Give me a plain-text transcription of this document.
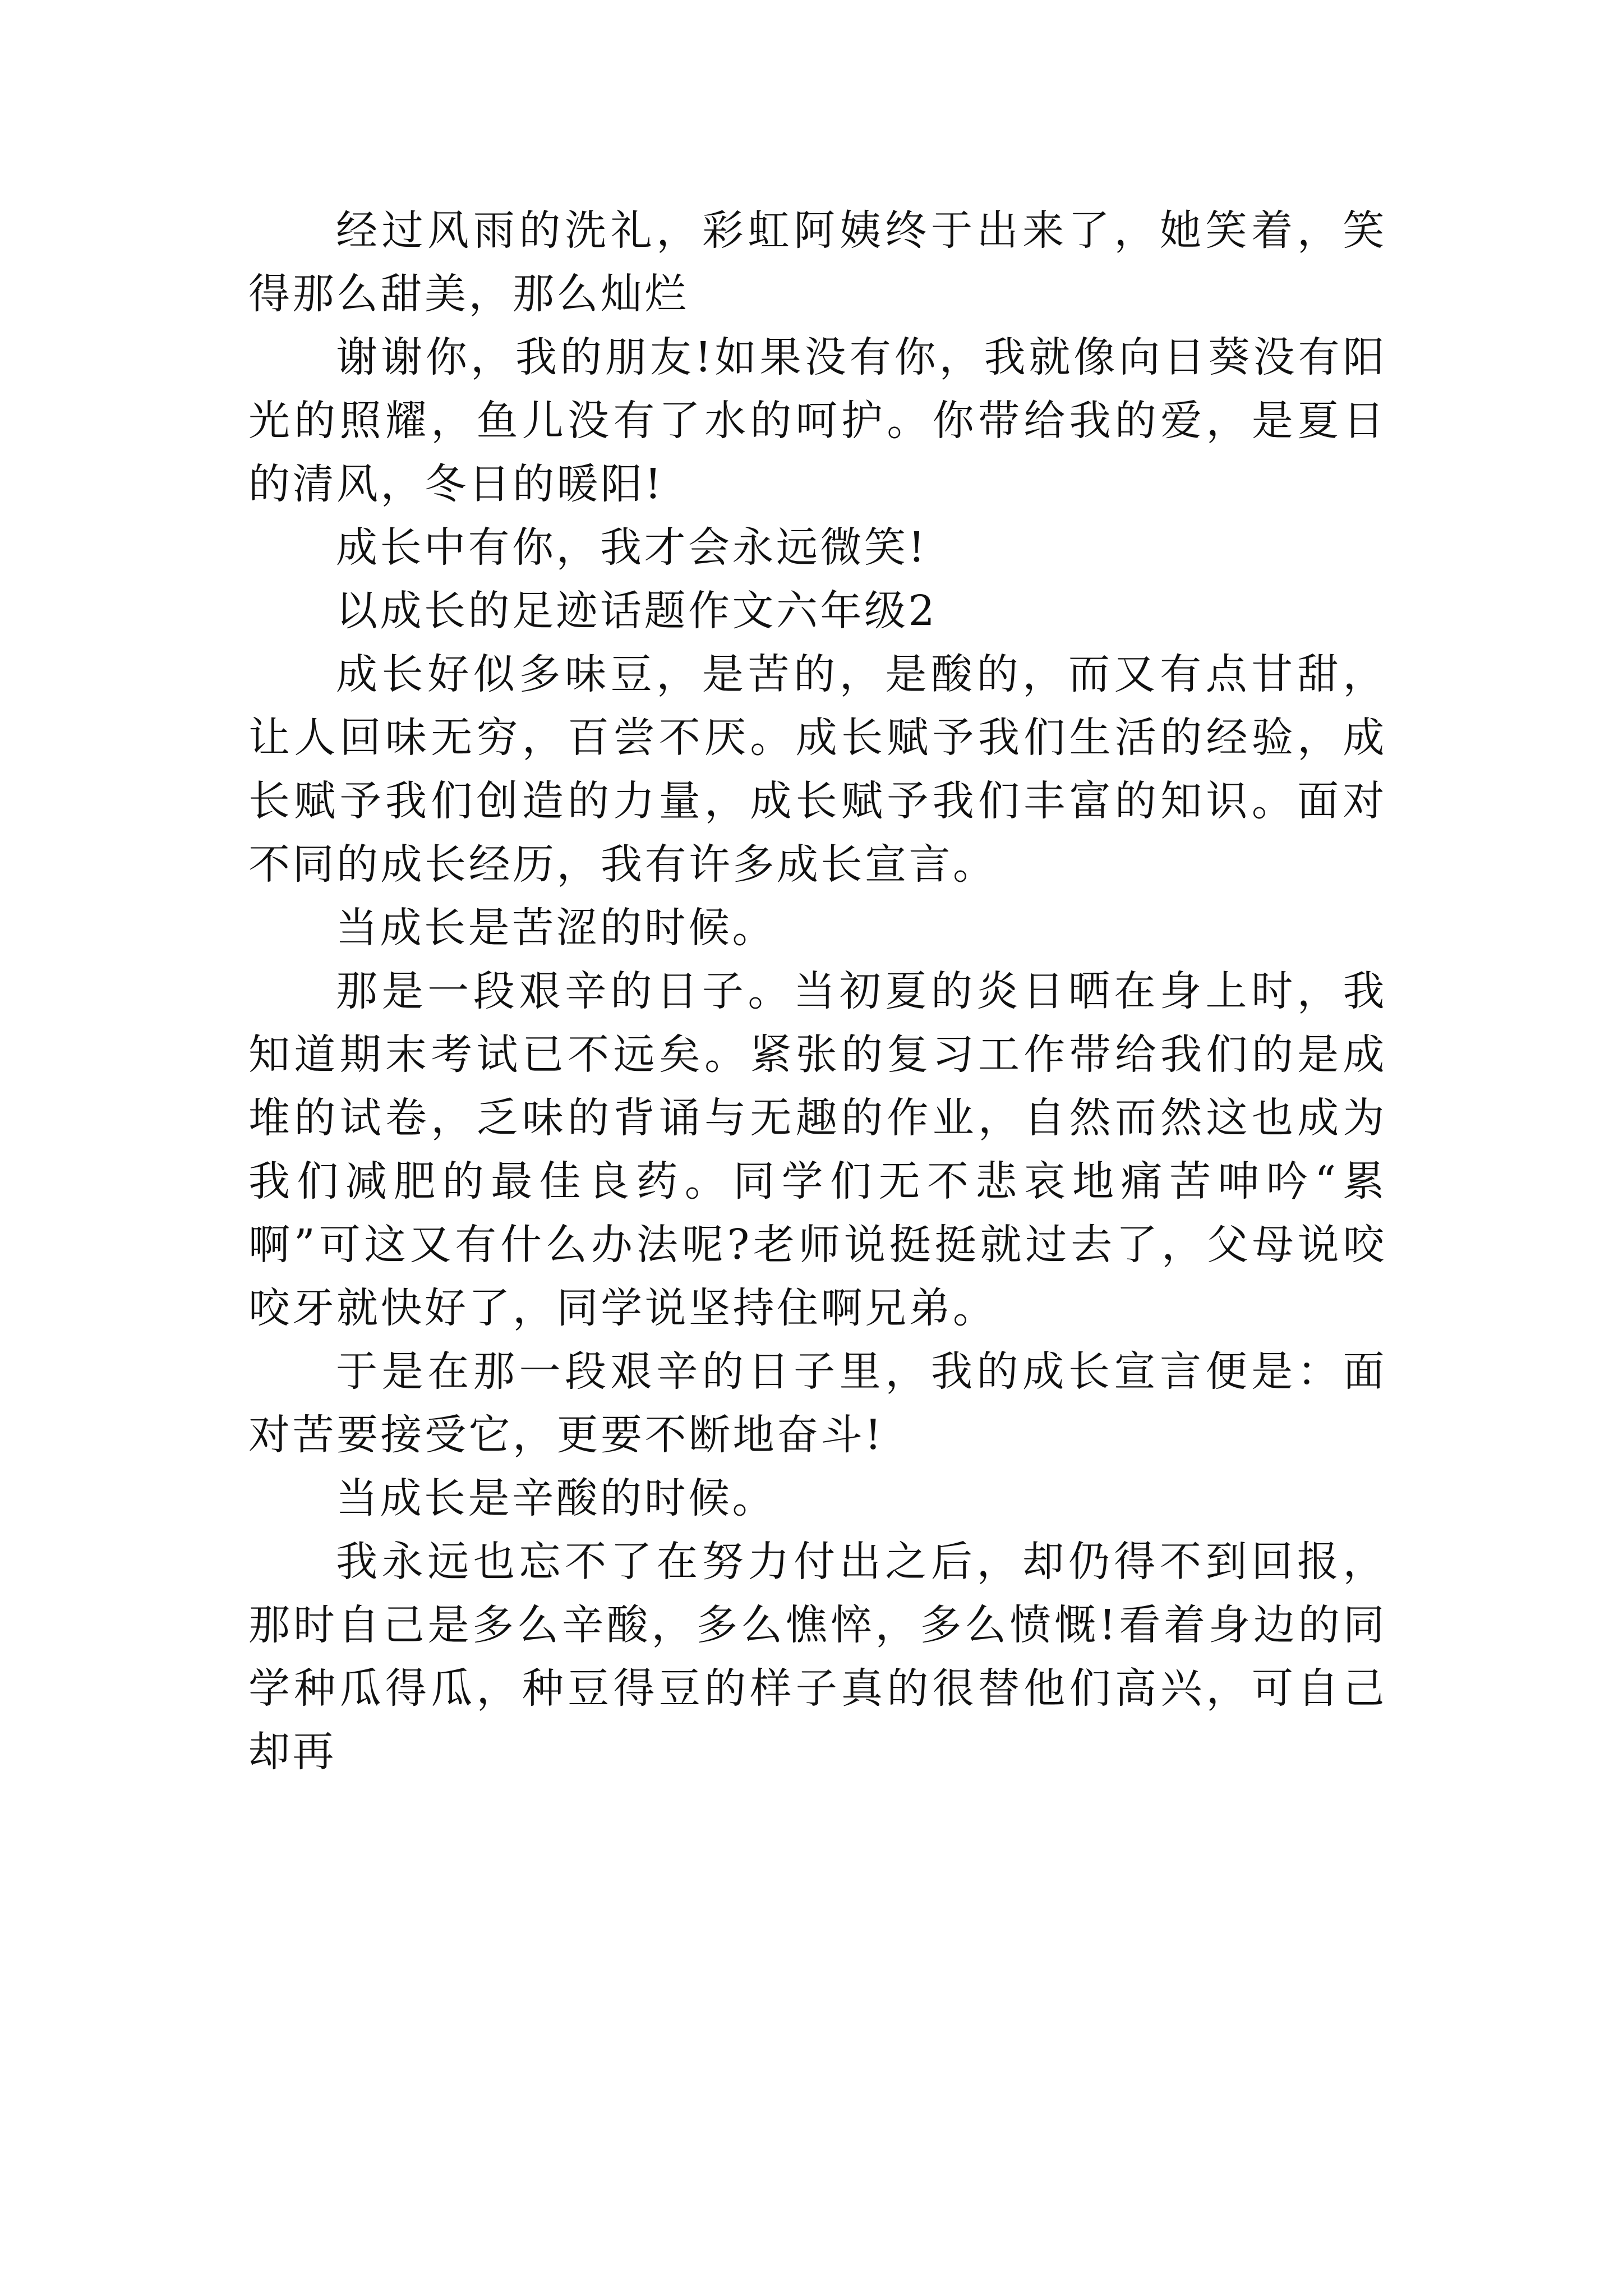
经过风雨的洗礼，彩虹阿姨终于出来了，她笑着，笑得那么甜美，那么灿烂

谢谢你，我的朋友!如果没有你，我就像向日葵没有阳光的照耀，鱼儿没有了水的呵护。你带给我的爱，是夏日的清风，冬日的暖阳!

成长中有你，我才会永远微笑!

以成长的足迹话题作文六年级2

成长好似多味豆，是苦的，是酸的，而又有点甘甜，让人回味无穷，百尝不厌。成长赋予我们生活的经验，成长赋予我们创造的力量，成长赋予我们丰富的知识。面对不同的成长经历，我有许多成长宣言。

当成长是苦涩的时候。

那是一段艰辛的日子。当初夏的炎日晒在身上时，我知道期末考试已不远矣。紧张的复习工作带给我们的是成堆的试卷，乏味的背诵与无趣的作业，自然而然这也成为我们减肥的最佳良药。同学们无不悲哀地痛苦呻吟“累啊”可这又有什么办法呢?老师说挺挺就过去了，父母说咬咬牙就快好了，同学说坚持住啊兄弟。

于是在那一段艰辛的日子里，我的成长宣言便是：面对苦要接受它，更要不断地奋斗!

当成长是辛酸的时候。

我永远也忘不了在努力付出之后，却仍得不到回报，那时自己是多么辛酸，多么憔悴，多么愤慨!看着身边的同学种瓜得瓜，种豆得豆的样子真的很替他们高兴，可自己却再
